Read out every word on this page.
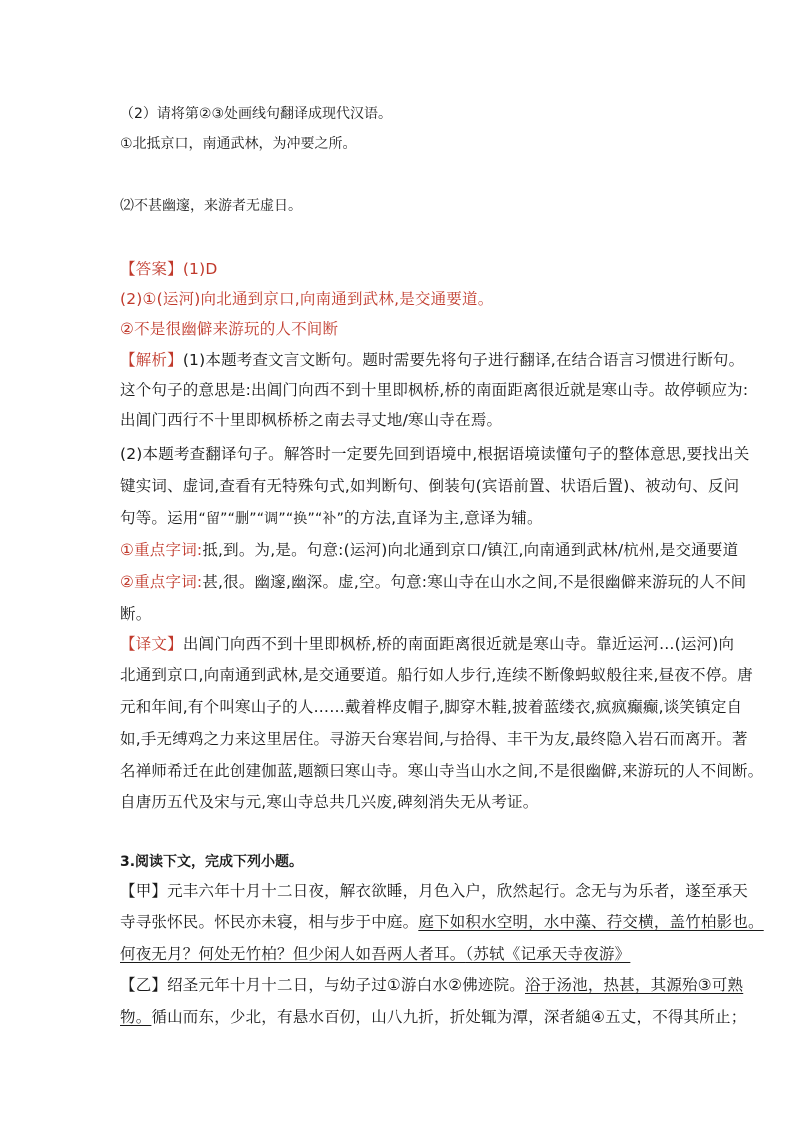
（2）请将第②③处画线句翻译成现代汉语。
①北抵京口，南通武林，为冲要之所。
⑵不甚幽邃，来游者无虚日。
【答案】(1)D
(2)①(运河)向北通到京口,向南通到武林,是交通要道。
②不是很幽僻来游玩的人不间断
【解析】(1)本题考查文言文断句。题时需要先将句子进行翻译,在结合语言习惯进行断句。
这个句子的意思是:出阊门向西不到十里即枫桥,桥的南面距离很近就是寒山寺。故停顿应为:
出阊门西行不十里即枫桥桥之南去寻丈地/寒山寺在焉。
(2)本题考查翻译句子。解答时一定要先回到语境中,根据语境读懂句子的整体意思,要找出关
键实词、虚词,查看有无特殊句式,如判断句、倒装句(宾语前置、状语后置)、被动句、反问
句等。运用“留”“删”“调”“换”“补”的方法,直译为主,意译为辅。
①重点字词:抵,到。为,是。句意:(运河)向北通到京口/镇江,向南通到武林/杭州,是交通要道
②重点字词:甚,很。幽邃,幽深。虚,空。句意:寒山寺在山水之间,不是很幽僻来游玩的人不间
断。
【译文】出阊门向西不到十里即枫桥,桥的南面距离很近就是寒山寺。靠近运河…(运河)向
北通到京口,向南通到武林,是交通要道。船行如人步行,连续不断像蚂蚁般往来,昼夜不停。唐
元和年间,有个叫寒山子的人……戴着桦皮帽子,脚穿木鞋,披着蓝缕衣,疯疯癫癫,谈笑镇定自
如,手无缚鸡之力来这里居住。寻游天台寒岩间,与拾得、丰干为友,最终隐入岩石而离开。著
名禅师希迁在此创建伽蓝,题额曰寒山寺。寒山寺当山水之间,不是很幽僻,来游玩的人不间断。
自唐历五代及宋与元,寒山寺总共几兴废,碑刻消失无从考证。
3.阅读下文，完成下列小题。
【甲】元丰六年十月十二日夜，解衣欲睡，月色入户，欣然起行。念无与为乐者，遂至承天
寺寻张怀民。怀民亦未寝，相与步于中庭。庭下如积水空明，水中藻、荇交横，盖竹柏影也。
何夜无月？何处无竹柏？但少闲人如吾两人者耳。（苏轼《记承天寺夜游》
【乙】绍圣元年十月十二日，与幼子过①游白水②佛迹院。浴于汤池，热甚，其源殆③可熟
物。循山而东，少北，有悬水百仞，山八九折，折处辄为潭，深者縋④五丈，不得其所止；
